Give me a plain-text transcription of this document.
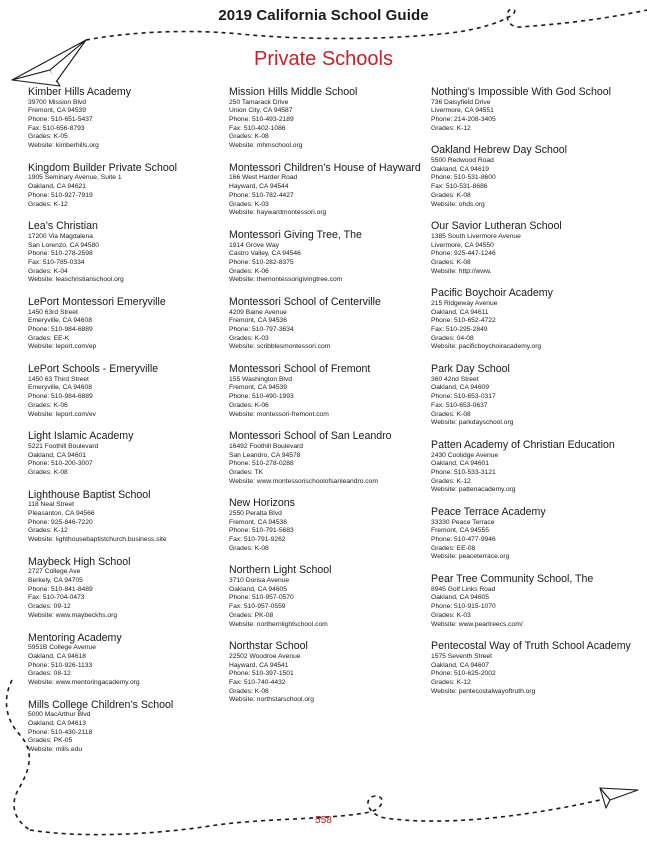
2019 California School Guide
Private Schools
Kimber Hills Academy
39700 Mission Blvd
Fremont, CA 94539
Phone: 510-651-5437
Fax: 510-656-8793
Grades: K-05
Website: kimberhills.org
Kingdom Builder Private School
1905 Seminary Avenue, Suite 1
Oakland, CA 94621
Phone: 510-927-7919
Grades: K-12
Lea’s Christian
17200 Via Magdalena
San Lorenzo, CA 94580
Phone: 510-278-2598
Fax: 510-785-0334
Grades: K-04
Website: leaschristianschool.org
LePort Montessori Emeryville
1450 63rd Street
Emeryville, CA 94608
Phone: 510-984-6889
Grades: EE-K
Website: leport.com/ep
LePort Schools - Emeryville
1450 63 Third Street
Emeryville, CA 94608
Phone: 510-984-6889
Grades: K-06
Website: leport.com/ev
Light Islamic Academy
5221 Foothill Boulevard
Oakland, CA 94601
Phone: 510-200-3007
Grades: K-08
Lighthouse Baptist School
118 Neal Street
Pleasanton, CA 94566
Phone: 925-846-7220
Grades: K-12
Website: lighthousebaptistchurch.business.site
Maybeck High School
2727 College Ave
Berkely, CA 94705
Phone: 510-841-8489
Fax: 510-704-0473
Grades: 09-12
Website: www.maybeckhs.org
Mentoring Academy
5951B College Avenue
Oakland, CA 94618
Phone: 510-926-1133
Grades: 08-12
Website: www.mentoringacademy.org
Mills College Children’s School
5000 MacArthur Blvd
Oakland, CA 94613
Phone: 510-430-2118
Grades: PK-05
Website: mills.edu
Mission Hills Middle School
250 Tamarack Drive
Union City, CA 94587
Phone: 510-493-2189
Fax: 510-402-1086
Grades: K-08
Website: mhmschool.org
Montessori Children’s House of Hayward
166 West Harder Road
Hayward, CA 94544
Phone: 510-782-4427
Grades: K-03
Website: haywardmontessori.org
Montessori Giving Tree, The
1914 Grove Way
Castro Valley, CA 94546
Phone: 510-282-8375
Grades: K-06
Website: themontessorigivingtree.com
Montessori School of Centerville
4209 Baine Avenue
Fremont, CA 94536
Phone: 510-797-3634
Grades: K-03
Website: scribblesmontessori.com
Montessori School of Fremont
155 Washington Blvd
Fremont, CA 94539
Phone: 510-490-1993
Grades: K-06
Website: montessori-fremont.com
Montessori School of San Leandro
16492 Foothill Boulevard
San Leandro, CA 94578
Phone: 510-278-0288
Grades: TK
Website: www.montessorischoolofsanleandro.com
New Horizons
2550 Peralta Blvd
Fremont, CA 94536
Phone: 510-791-5683
Fax: 510-791-9262
Grades: K-08
Northern Light School
3710 Dorisa Avenue
Oakland, CA 94605
Phone: 510-957-0570
Fax: 510-957-0559
Grades: PK-08
Website: northernlightschool.com
Northstar School
22502 Woodroe Avenue
Hayward, CA 94541
Phone: 510-397-1501
Fax: 510-740-4432
Grades: K-08
Website: northstarschool.org
Nothing’s Impossible With God School
736 Daisyfield Drive
Livermore, CA 94551
Phone: 214-208-3405
Grades: K-12
Oakland Hebrew Day School
5500 Redwood Road
Oakland, CA 94619
Phone: 510-531-8600
Fax: 510-531-8686
Grades: K-08
Website: ohds.org
Our Savior Lutheran School
1385 South Livermore Avenue
Livermore, CA 94550
Phone: 925-447-1246
Grades: K-08
Website: http://www.
Pacific Boychoir Academy
215 Ridgeway Avenue
Oakland, CA 94611
Phone: 510-652-4722
Fax: 510-295-2849
Grades: 04-08
Website: pacificboychoiracademy.org
Park Day School
360 42nd Street
Oakland, CA 94609
Phone: 510-653-0317
Fax: 510-653-0637
Grades: K-08
Website: parkdayschool.org
Patten Academy of Christian Education
2430 Coolidge Avenue
Oakland, CA 94601
Phone: 510-533-3121
Grades: K-12
Website: pattenacademy.org
Peace Terrace Academy
33330 Peace Terrace
Fremont, CA 94555
Phone: 510-477-9946
Grades: EE-08
Website: peaceterrace.org
Pear Tree Community School, The
8945 Golf Links Road
Oakland, CA 94605
Phone: 510-915-1070
Grades: K-03
Website: www.peartreecs.com/
Pentecostal Way of Truth School Academy
1575 Seventh Street
Oakland, CA 94607
Phone: 510-625-2002
Grades: K-12
Website: pentecostalwayoftruth.org
558
